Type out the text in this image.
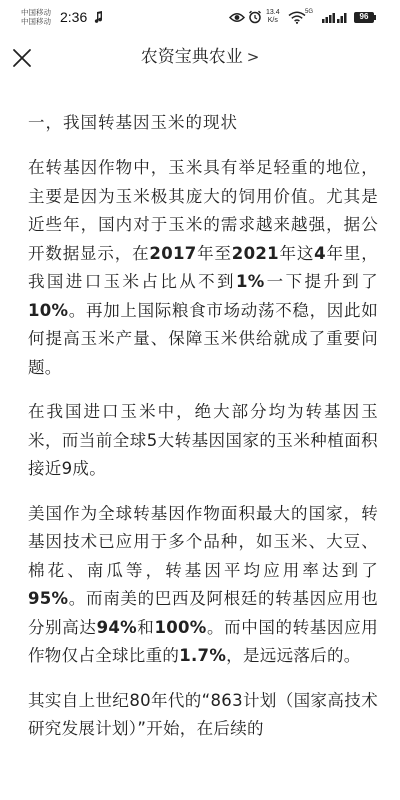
中国移动
中国移动 2:36	13.4
K/s
5G	96
农资宝典农业 >
一，我国转基因玉米的现状

在转基因作物中，玉米具有举足轻重的地位，主要是因为玉米极其庞大的饲用价值。尤其是近些年，国内对于玉米的需求越来越强，据公开数据显示，在2017年至2021年这4年里，我国进口玉米占比从不到1%一下提升到了10%。再加上国际粮食市场动荡不稳，因此如何提高玉米产量、保障玉米供给就成了重要问题。

在我国进口玉米中，绝大部分均为转基因玉米，而当前全球5大转基因国家的玉米种植面积接近9成。

美国作为全球转基因作物面积最大的国家，转基因技术已应用于多个品种，如玉米、大豆、棉花、南瓜等，转基因平均应用率达到了95%。而南美的巴西及阿根廷的转基因应用也分别高达94%和100%。而中国的转基因应用作物仅占全球比重的1.7%，是远远落后的。

其实自上世纪80年代的“863计划（国家高技术研究发展计划）”开始，在后续的
